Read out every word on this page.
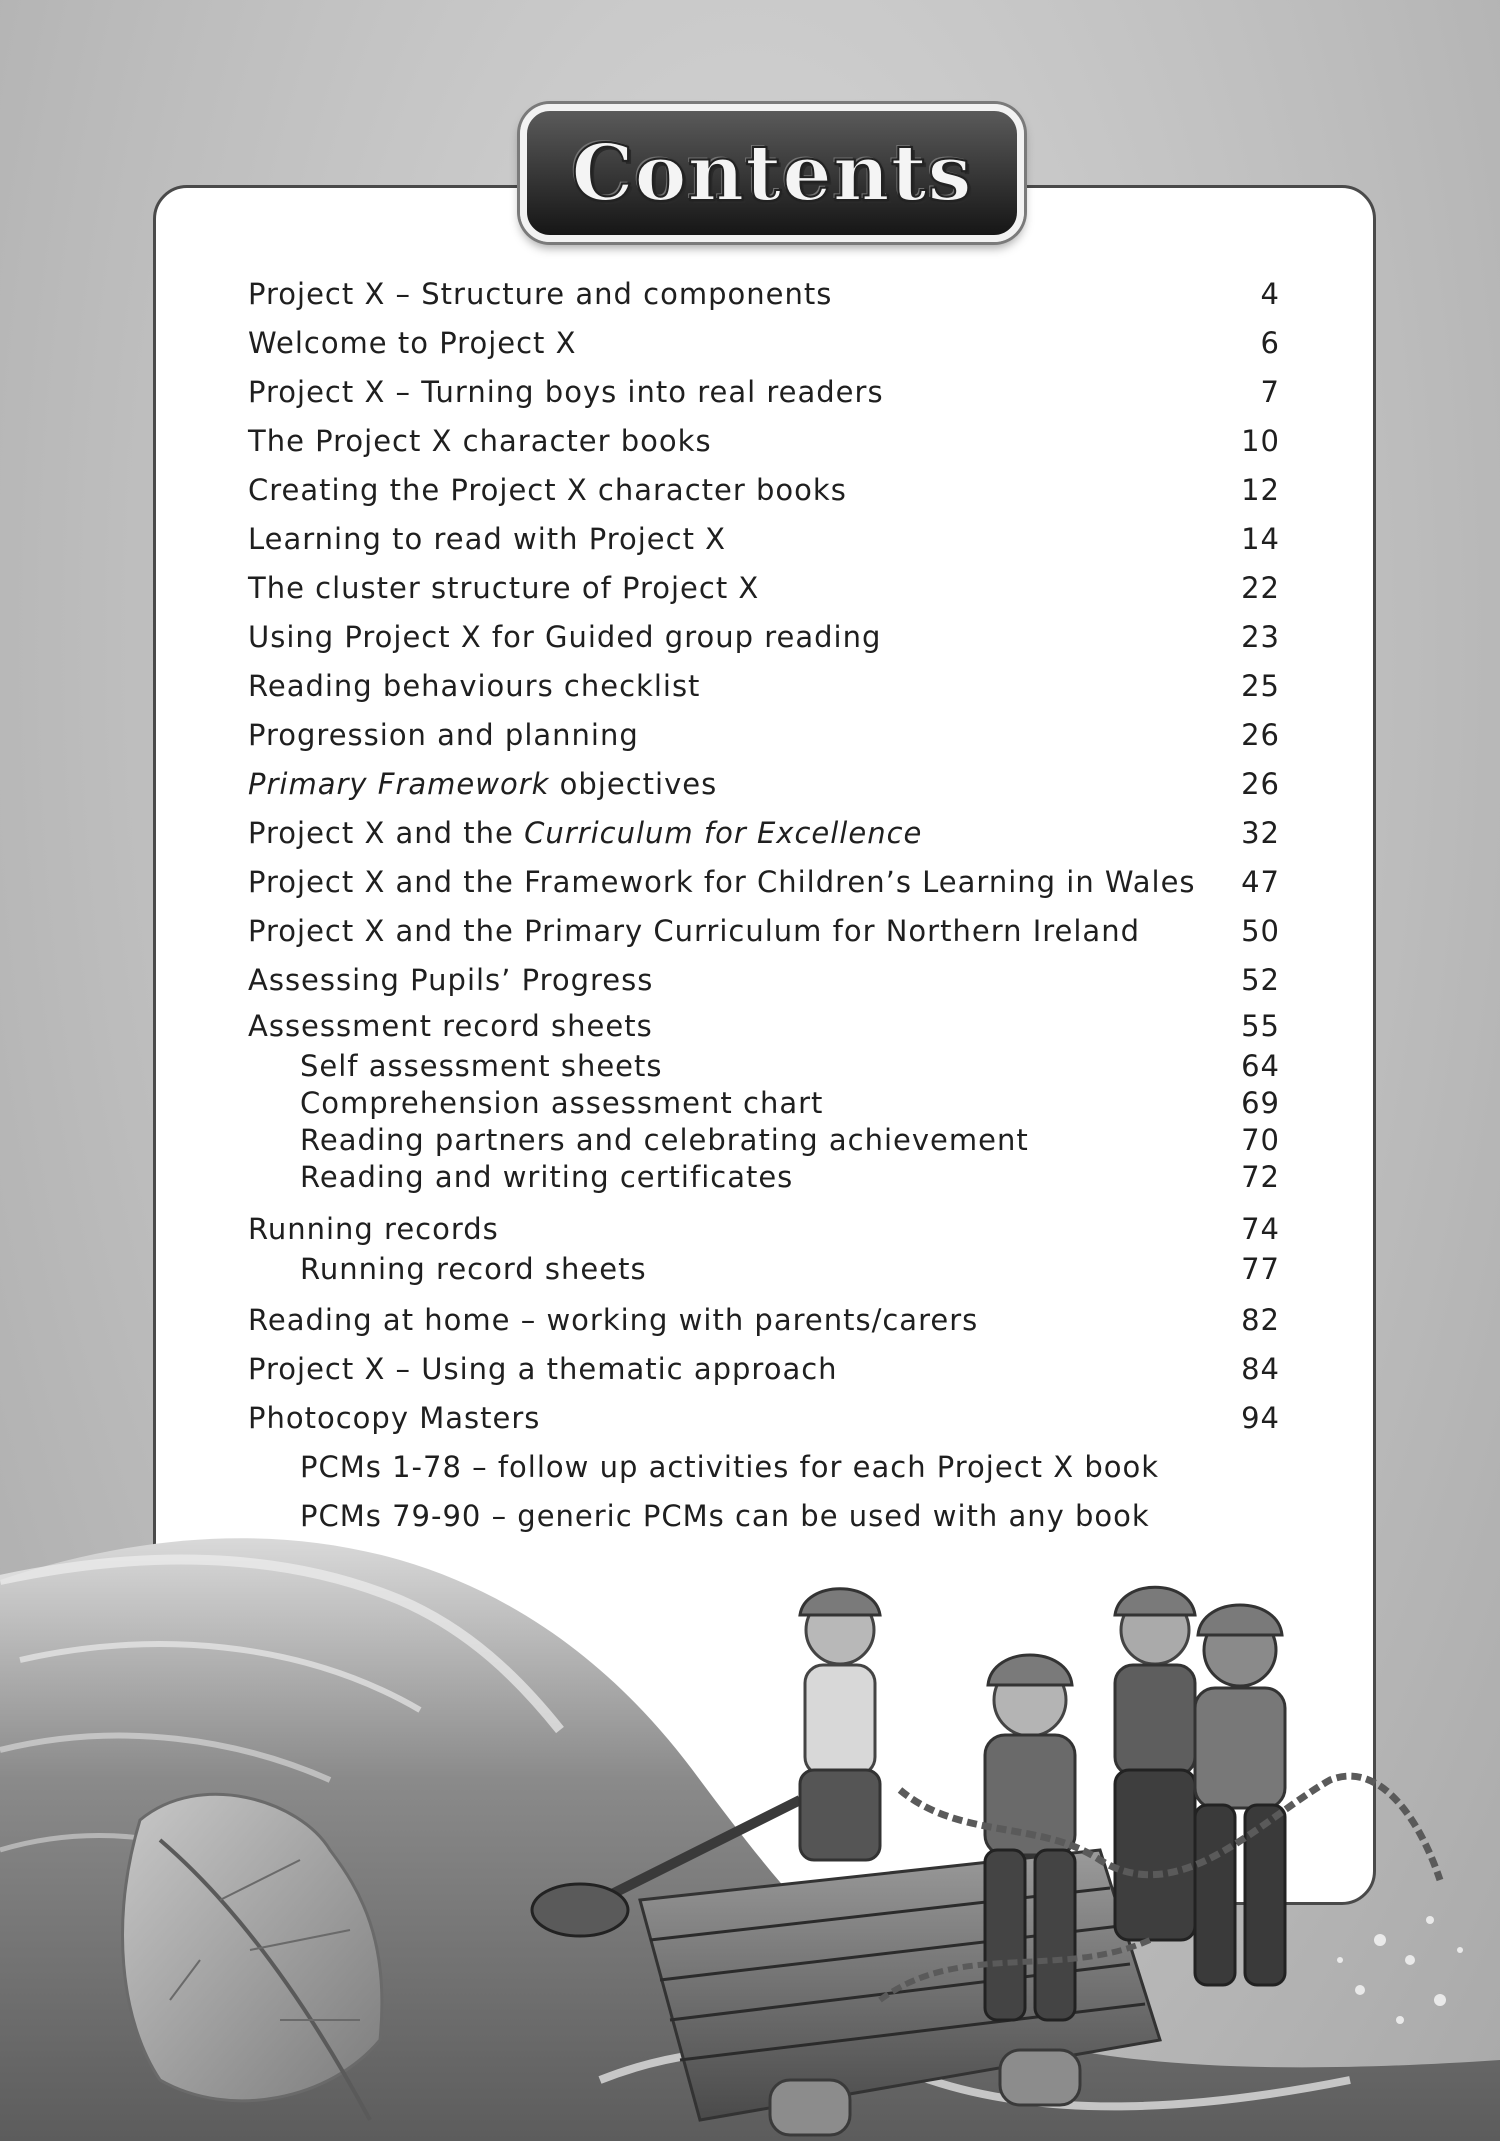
Contents
Project X – Structure and components	4
Welcome to Project X	6
Project X – Turning boys into real readers	7
The Project X character books	10
Creating the Project X character books	12
Learning to read with Project X	14
The cluster structure of Project X	22
Using Project X for Guided group reading	23
Reading behaviours checklist	25
Progression and planning	26
Primary Framework objectives	26
Project X and the Curriculum for Excellence	32
Project X and the Framework for Children’s Learning in Wales	47
Project X and the Primary Curriculum for Northern Ireland	50
Assessing Pupils’ Progress	52
Assessment record sheets	55
Self assessment sheets	64
Comprehension assessment chart	69
Reading partners and celebrating achievement	70
Reading and writing certificates	72
Running records	74
Running record sheets	77
Reading at home – working with parents/carers	82
Project X – Using a thematic approach	84
Photocopy Masters	94
PCMs 1-78 – follow up activities for each Project X book
PCMs 79-90 – generic PCMs can be used with any book
